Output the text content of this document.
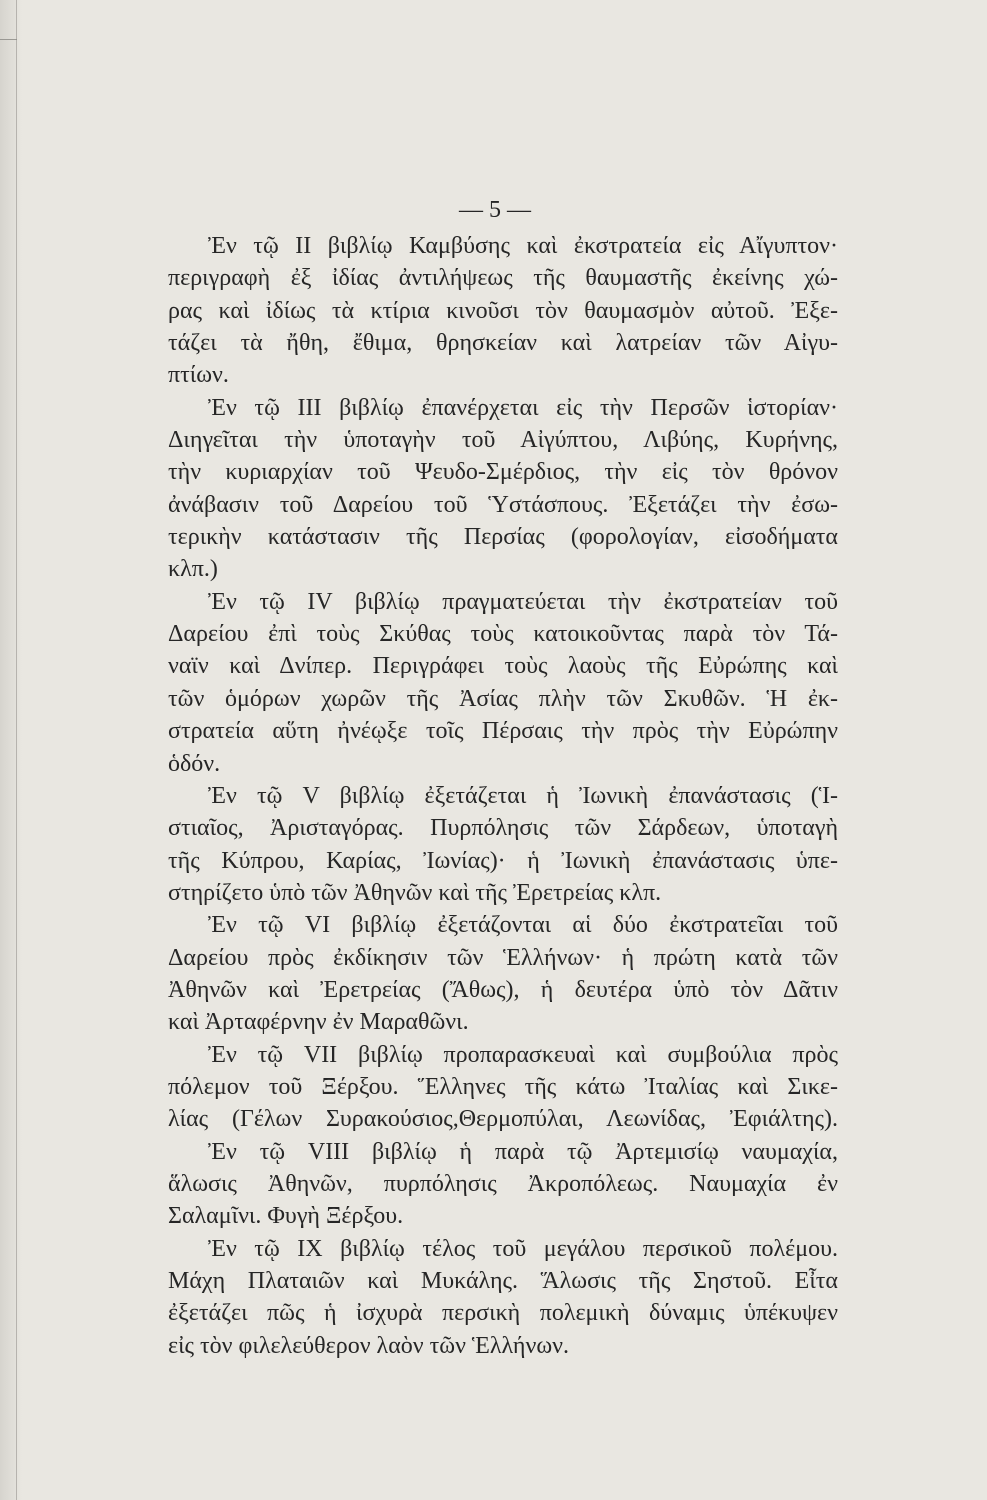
— 5 —
Ἐν τῷ II βιβλίῳ Καμβύσης καὶ ἐκστρατεία εἰς Αἴγυπτον·
περιγραφὴ ἐξ ἰδίας ἀντιλήψεως τῆς θαυμαστῆς ἐκείνης χώ-
ρας καὶ ἰδίως τὰ κτίρια κινοῦσι τὸν θαυμασμὸν αὐτοῦ. Ἐξε-
τάζει τὰ ἤθη, ἔθιμα, θρησκείαν καὶ λατρείαν τῶν Αἰγυ-
πτίων.
Ἐν τῷ III βιβλίῳ ἐπανέρχεται εἰς τὴν Περσῶν ἱστορίαν·
Διηγεῖται τὴν ὑποταγὴν τοῦ Αἰγύπτου, Λιβύης, Κυρήνης,
τὴν κυριαρχίαν τοῦ Ψευδο-Σμέρδιος, τὴν εἰς τὸν θρόνον
ἀνάβασιν τοῦ Δαρείου τοῦ Ὑστάσπους. Ἐξετάζει τὴν ἐσω-
τερικὴν κατάστασιν τῆς Περσίας (φορολογίαν, εἰσοδήματα
κλπ.)
Ἐν τῷ IV βιβλίῳ πραγματεύεται τὴν ἐκστρατείαν τοῦ
Δαρείου ἐπὶ τοὺς Σκύθας τοὺς κατοικοῦντας παρὰ τὸν Τά-
ναϊν καὶ Δνίπερ. Περιγράφει τοὺς λαοὺς τῆς Εὐρώπης καὶ
τῶν ὁμόρων χωρῶν τῆς Ἀσίας πλὴν τῶν Σκυθῶν. Ἡ ἐκ-
στρατεία αὕτη ἠνέῳξε τοῖς Πέρσαις τὴν πρὸς τὴν Εὐρώπην
ὁδόν.
Ἐν τῷ V βιβλίῳ ἐξετάζεται ἡ Ἰωνικὴ ἐπανάστασις (Ἱ-
στιαῖος, Ἀρισταγόρας. Πυρπόλησις τῶν Σάρδεων, ὑποταγὴ
τῆς Κύπρου, Καρίας, Ἰωνίας)· ἡ Ἰωνικὴ ἐπανάστασις ὑπε-
στηρίζετο ὑπὸ τῶν Ἀθηνῶν καὶ τῆς Ἐρετρείας κλπ.
Ἐν τῷ VI βιβλίῳ ἐξετάζονται αἱ δύο ἐκστρατεῖαι τοῦ
Δαρείου πρὸς ἐκδίκησιν τῶν Ἑλλήνων· ἡ πρώτη κατὰ τῶν
Ἀθηνῶν καὶ Ἐρετρείας (Ἄθως), ἡ δευτέρα ὑπὸ τὸν Δᾶτιν
καὶ Ἀρταφέρνην ἐν Μαραθῶνι.
Ἐν τῷ VII βιβλίῳ προπαρασκευαὶ καὶ συμβούλια πρὸς
πόλεμον τοῦ Ξέρξου. Ἕλληνες τῆς κάτω Ἰταλίας καὶ Σικε-
λίας (Γέλων Συρακούσιος,Θερμοπύλαι, Λεωνίδας, Ἐφιάλτης).
Ἐν τῷ VIII βιβλίῳ ἡ παρὰ τῷ Ἀρτεμισίῳ ναυμαχία,
ἅλωσις Ἀθηνῶν, πυρπόλησις Ἀκροπόλεως. Ναυμαχία ἐν
Σαλαμῖνι. Φυγὴ Ξέρξου.
Ἐν τῷ IX βιβλίῳ τέλος τοῦ μεγάλου περσικοῦ πολέμου.
Μάχη Πλαταιῶν καὶ Μυκάλης. Ἅλωσις τῆς Σηστοῦ. Εἶτα
ἐξετάζει πῶς ἡ ἰσχυρὰ περσικὴ πολεμικὴ δύναμις ὑπέκυψεν
εἰς τὸν φιλελεύθερον λαὸν τῶν Ἑλλήνων.
